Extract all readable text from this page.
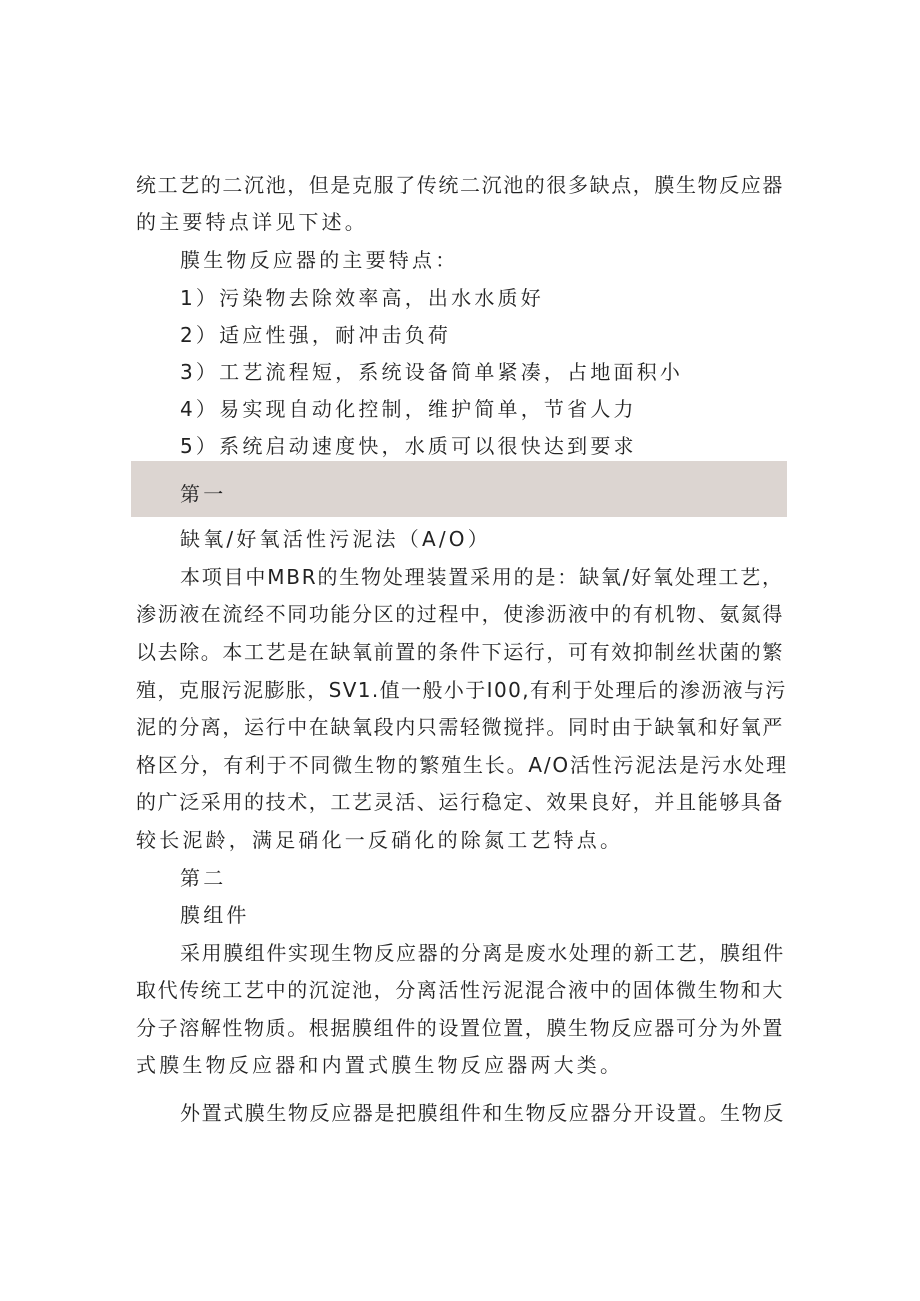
统工艺的二沉池，但是克服了传统二沉池的很多缺点，膜生物反应器
的主要特点详见下述。
膜生物反应器的主要特点：
1）污染物去除效率高，出水水质好
2）适应性强，耐冲击负荷
3）工艺流程短，系统设备简单紧凑，占地面积小
4）易实现自动化控制，维护简单，节省人力
5）系统启动速度快，水质可以很快达到要求
第一
缺氧/好氧活性污泥法（A/O）
本项目中MBR的生物处理装置采用的是：缺氧/好氧处理工艺，
渗沥液在流经不同功能分区的过程中，使渗沥液中的有机物、氨氮得
以去除。本工艺是在缺氧前置的条件下运行，可有效抑制丝状菌的繁
殖，克服污泥膨胀，SV1.值一般小于I00,有利于处理后的渗沥液与污
泥的分离，运行中在缺氧段内只需轻微搅拌。同时由于缺氧和好氧严
格区分，有利于不同微生物的繁殖生长。A/O活性污泥法是污水处理
的广泛采用的技术，工艺灵活、运行稳定、效果良好，并且能够具备
较长泥龄，满足硝化一反硝化的除氮工艺特点。
第二
膜组件
采用膜组件实现生物反应器的分离是废水处理的新工艺，膜组件
取代传统工艺中的沉淀池，分离活性污泥混合液中的固体微生物和大
分子溶解性物质。根据膜组件的设置位置，膜生物反应器可分为外置
式膜生物反应器和内置式膜生物反应器两大类。
外置式膜生物反应器是把膜组件和生物反应器分开设置。生物反
